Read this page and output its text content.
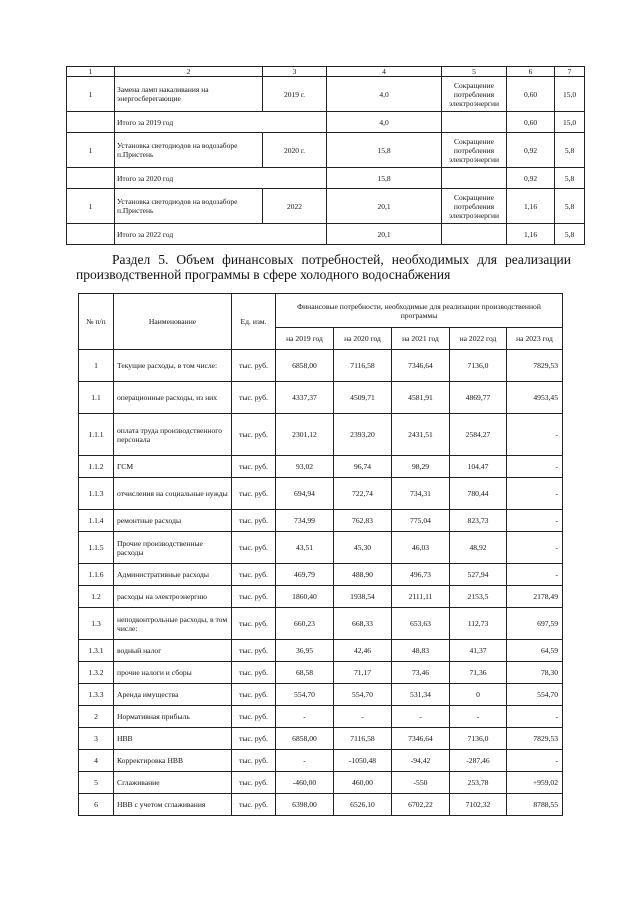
1	2	3	4	5	6	7
1	Замена ламп накаливания на энергосберегающие	2019 г.	4,0	Сокращение потребления электроэнергии	0,60	15,0
	Итого за 2019 год		4,0		0,60	15,0
1	Установка светодиодов на водозаборе п.Пристень	2020 г.	15,8	Сокращение потребления электроэнергии	0,92	5,8
	Итого за 2020 год		15,8		0,92	5,8
1	Установка светодиодов на водозаборе п.Пристень	2022	20,1	Сокращение потребления электроэнергии	1,16	5,8
	Итого за 2022 год		20,1		1,16	5,8

Раздел 5. Объем финансовых потребностей, необходимых для реализации производственной программы в сфере холодного водоснабжения

№ п/п	Наименование	Ед. изм.	Финансовые потребности, необходимые для реализации производственной программы				
			на 2019 год	на 2020 год	на 2021 год	на 2022 год	на 2023 год
1	Текущие расходы, в том числе:	тыс. руб.	6858,00	7116,58	7346,64	7136,0	7829,53
1.1	операционные расходы, из них	тыс. руб.	4337,37	4509,71	4581,91	4869,77	4953,45
1.1.1	оплата труда производственного персонала	тыс. руб.	2301,12	2393,20	2431,51	2584,27	-
1.1.2	ГСМ	тыс. руб.	93,02	96,74	98,29	104,47	-
1.1.3	отчисления на социальные нужды	тыс. руб.	694,94	722,74	734,31	780,44	-
1.1.4	ремонтные расходы	тыс. руб.	734,99	762,83	775,04	823,73	-
1.1.5	Прочие производственные расходы	тыс. руб.	43,51	45,30	46,03	48,92	-
1.1.6	Административные расходы	тыс. руб.	469,79	488,90	496,73	527,94	-
1.2	расходы на электроэнергию	тыс. руб.	1860,40	1938,54	2111,11	2153,5	2178,49
1.3	неподконтрольные расходы, в том числе:	тыс. руб.	660,23	668,33	653,63	112,73	697,59
1.3.1	водный налог	тыс. руб.	36,95	42,46	48,83	41,37	64,59
1.3.2	прочие налоги и сборы	тыс. руб.	68,58	71,17	73,46	71,36	78,30
1.3.3	Аренда имущества	тыс. руб.	554,70	554,70	531,34	0	554,70
2	Нормативная прибыль	тыс. руб.	-	-	-	-	-
3	НВВ	тыс. руб.	6858,00	7116,58	7346,64	7136,0	7829,53
4	Корректировка НВВ	тыс. руб.	-	-1050,48	-94,42	-287,46	-
5	Сглаживание	тыс. руб.	-460,00	460,00	-550	253,78	+959,02
6	НВВ с учетом сглаживания	тыс. руб.	6398,00	6526,10	6702,22	7102,32	8788,55
